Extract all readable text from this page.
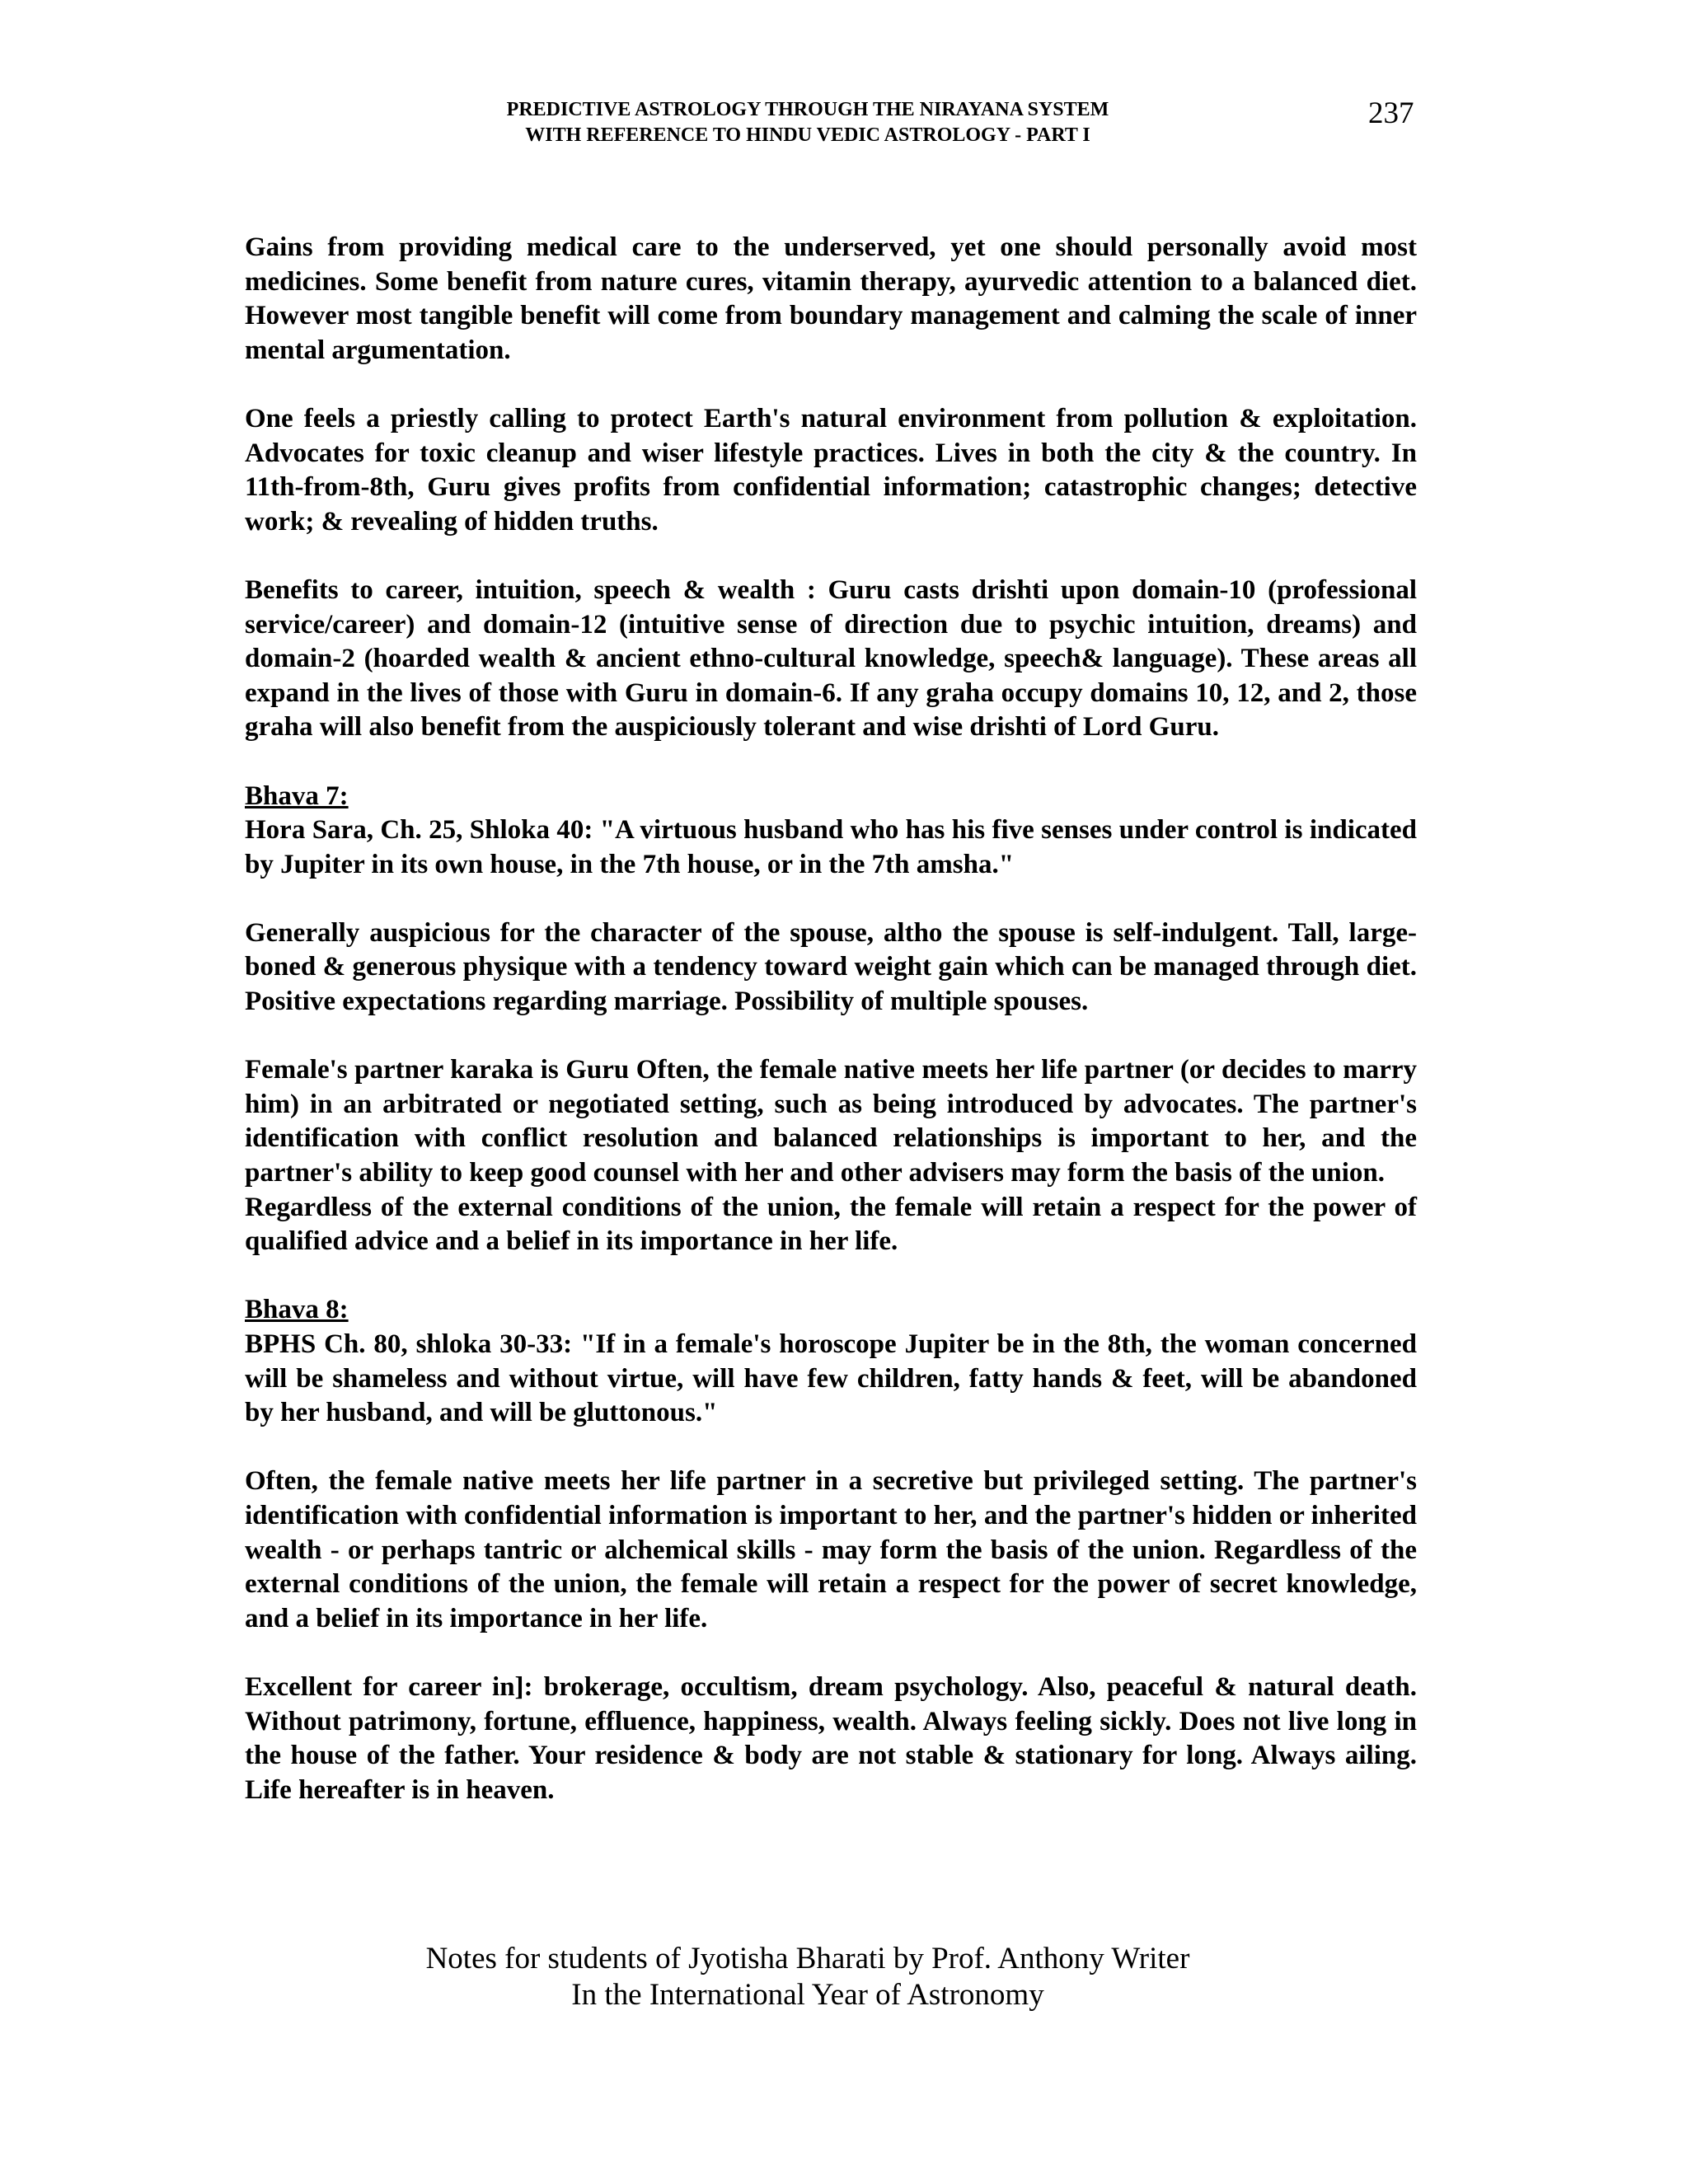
PREDICTIVE ASTROLOGY THROUGH THE NIRAYANA SYSTEM
WITH REFERENCE TO HINDU VEDIC ASTROLOGY - PART I
237

Gains from providing medical care to the underserved, yet one should personally avoid most medicines. Some benefit from nature cures, vitamin therapy, ayurvedic attention to a balanced diet. However most tangible benefit will come from boundary management and calming the scale of inner mental argumentation.

One feels a priestly calling to protect Earth's natural environment from pollution & exploitation. Advocates for toxic cleanup and wiser lifestyle practices. Lives in both the city & the country. In 11th-from-8th, Guru gives profits from confidential information; catastrophic changes; detective work; & revealing of hidden truths.

Benefits to career, intuition, speech & wealth : Guru casts drishti upon domain-10 (professional service/career) and domain-12 (intuitive sense of direction due to psychic intuition, dreams) and domain-2 (hoarded wealth & ancient ethno-cultural knowledge, speech& language). These areas all expand in the lives of those with Guru in domain-6. If any graha occupy domains 10, 12, and 2, those graha will also benefit from the auspiciously tolerant and wise drishti of Lord Guru.

Bhava 7:

Hora Sara, Ch. 25, Shloka 40: "A virtuous husband who has his five senses under control is indicated by Jupiter in its own house, in the 7th house, or in the 7th amsha."

Generally auspicious for the character of the spouse, altho the spouse is self-indulgent. Tall, large-boned & generous physique with a tendency toward weight gain which can be managed through diet. Positive expectations regarding marriage. Possibility of multiple spouses.

Female's partner karaka is Guru Often, the female native meets her life partner (or decides to marry him) in an arbitrated or negotiated setting, such as being introduced by advocates. The partner's identification with conflict resolution and balanced relationships is important to her, and the partner's ability to keep good counsel with her and other advisers may form the basis of the union.

Regardless of the external conditions of the union, the female will retain a respect for the power of qualified advice and a belief in its importance in her life.

Bhava 8:

BPHS Ch. 80, shloka 30-33: "If in a female's horoscope Jupiter be in the 8th, the woman concerned will be shameless and without virtue, will have few children, fatty hands & feet, will be abandoned by her husband, and will be gluttonous."

Often, the female native meets her life partner in a secretive but privileged setting. The partner's identification with confidential information is important to her, and the partner's hidden or inherited wealth - or perhaps tantric or alchemical skills - may form the basis of the union. Regardless of the external conditions of the union, the female will retain a respect for the power of secret knowledge, and a belief in its importance in her life.

Excellent for career in]: brokerage, occultism, dream psychology. Also, peaceful & natural death. Without patrimony, fortune, effluence, happiness, wealth. Always feeling sickly. Does not live long in the house of the father. Your residence & body are not stable & stationary for long. Always ailing. Life hereafter is in heaven.

Notes for students of Jyotisha Bharati by Prof. Anthony Writer
In the International Year of Astronomy
